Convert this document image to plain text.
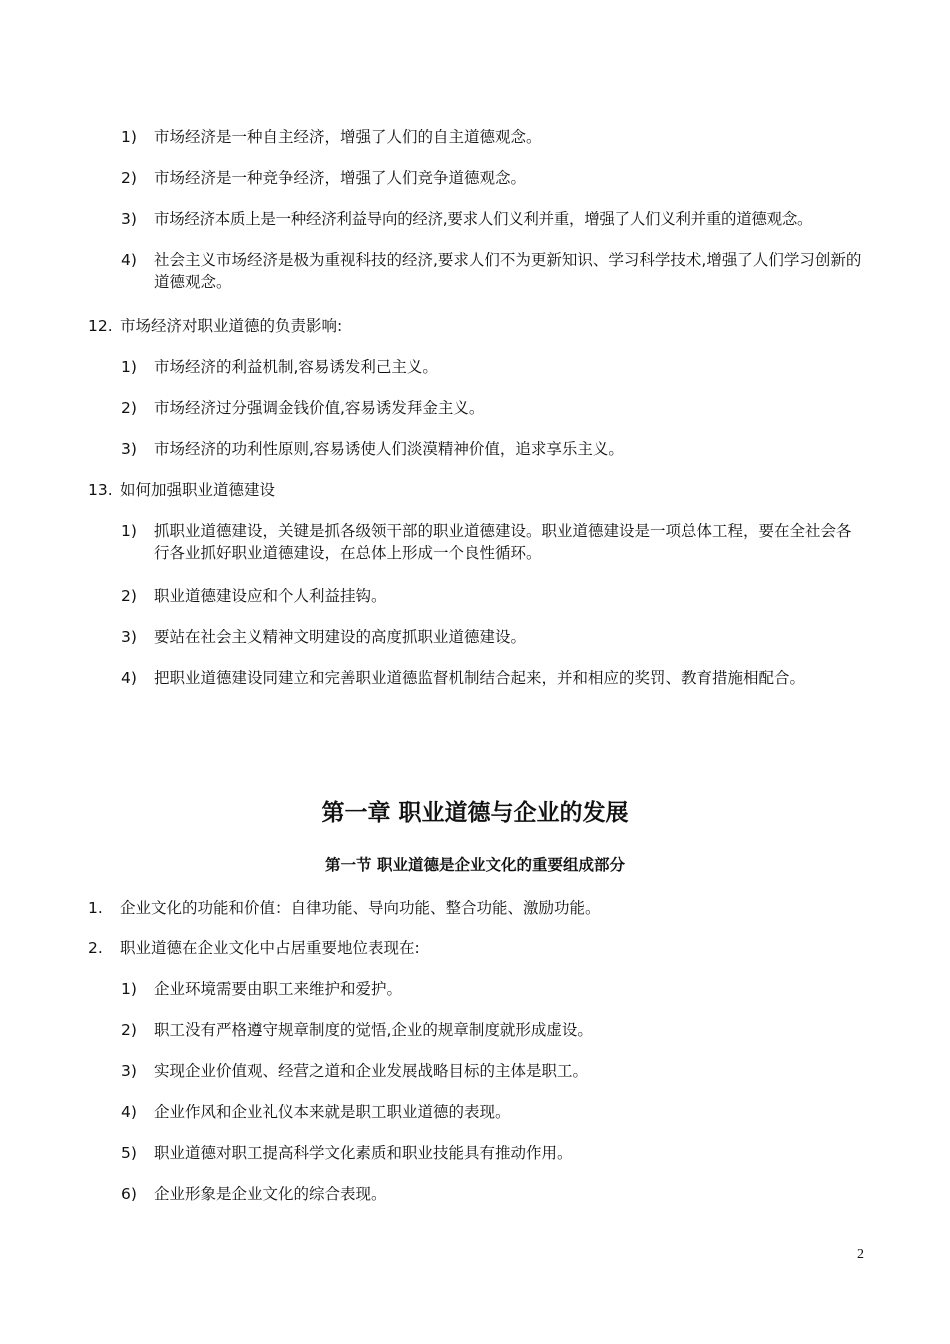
1) 市场经济是一种自主经济，增强了人们的自主道德观念。
2) 市场经济是一种竞争经济，增强了人们竞争道德观念。
3) 市场经济本质上是一种经济利益导向的经济,要求人们义利并重，增强了人们义利并重的道德观念。
4) 社会主义市场经济是极为重视科技的经济,要求人们不为更新知识、学习科学技术,增强了人们学习创新的道德观念。
12. 市场经济对职业道德的负责影响:
1) 市场经济的利益机制,容易诱发利己主义。
2) 市场经济过分强调金钱价值,容易诱发拜金主义。
3) 市场经济的功利性原则,容易诱使人们淡漠精神价值，追求享乐主义。
13. 如何加强职业道德建设
1) 抓职业道德建设，关键是抓各级领干部的职业道德建设。职业道德建设是一项总体工程，要在全社会各行各业抓好职业道德建设，在总体上形成一个良性循环。
2) 职业道德建设应和个人利益挂钩。
3) 要站在社会主义精神文明建设的高度抓职业道德建设。
4) 把职业道德建设同建立和完善职业道德监督机制结合起来，并和相应的奖罚、教育措施相配合。
第一章 职业道德与企业的发展
第一节 职业道德是企业文化的重要组成部分
1. 企业文化的功能和价值：自律功能、导向功能、整合功能、激励功能。
2. 职业道德在企业文化中占居重要地位表现在:
1) 企业环境需要由职工来维护和爱护。
2) 职工没有严格遵守规章制度的觉悟,企业的规章制度就形成虚设。
3) 实现企业价值观、经营之道和企业发展战略目标的主体是职工。
4) 企业作风和企业礼仪本来就是职工职业道德的表现。
5) 职业道德对职工提高科学文化素质和职业技能具有推动作用。
6) 企业形象是企业文化的综合表现。
2
